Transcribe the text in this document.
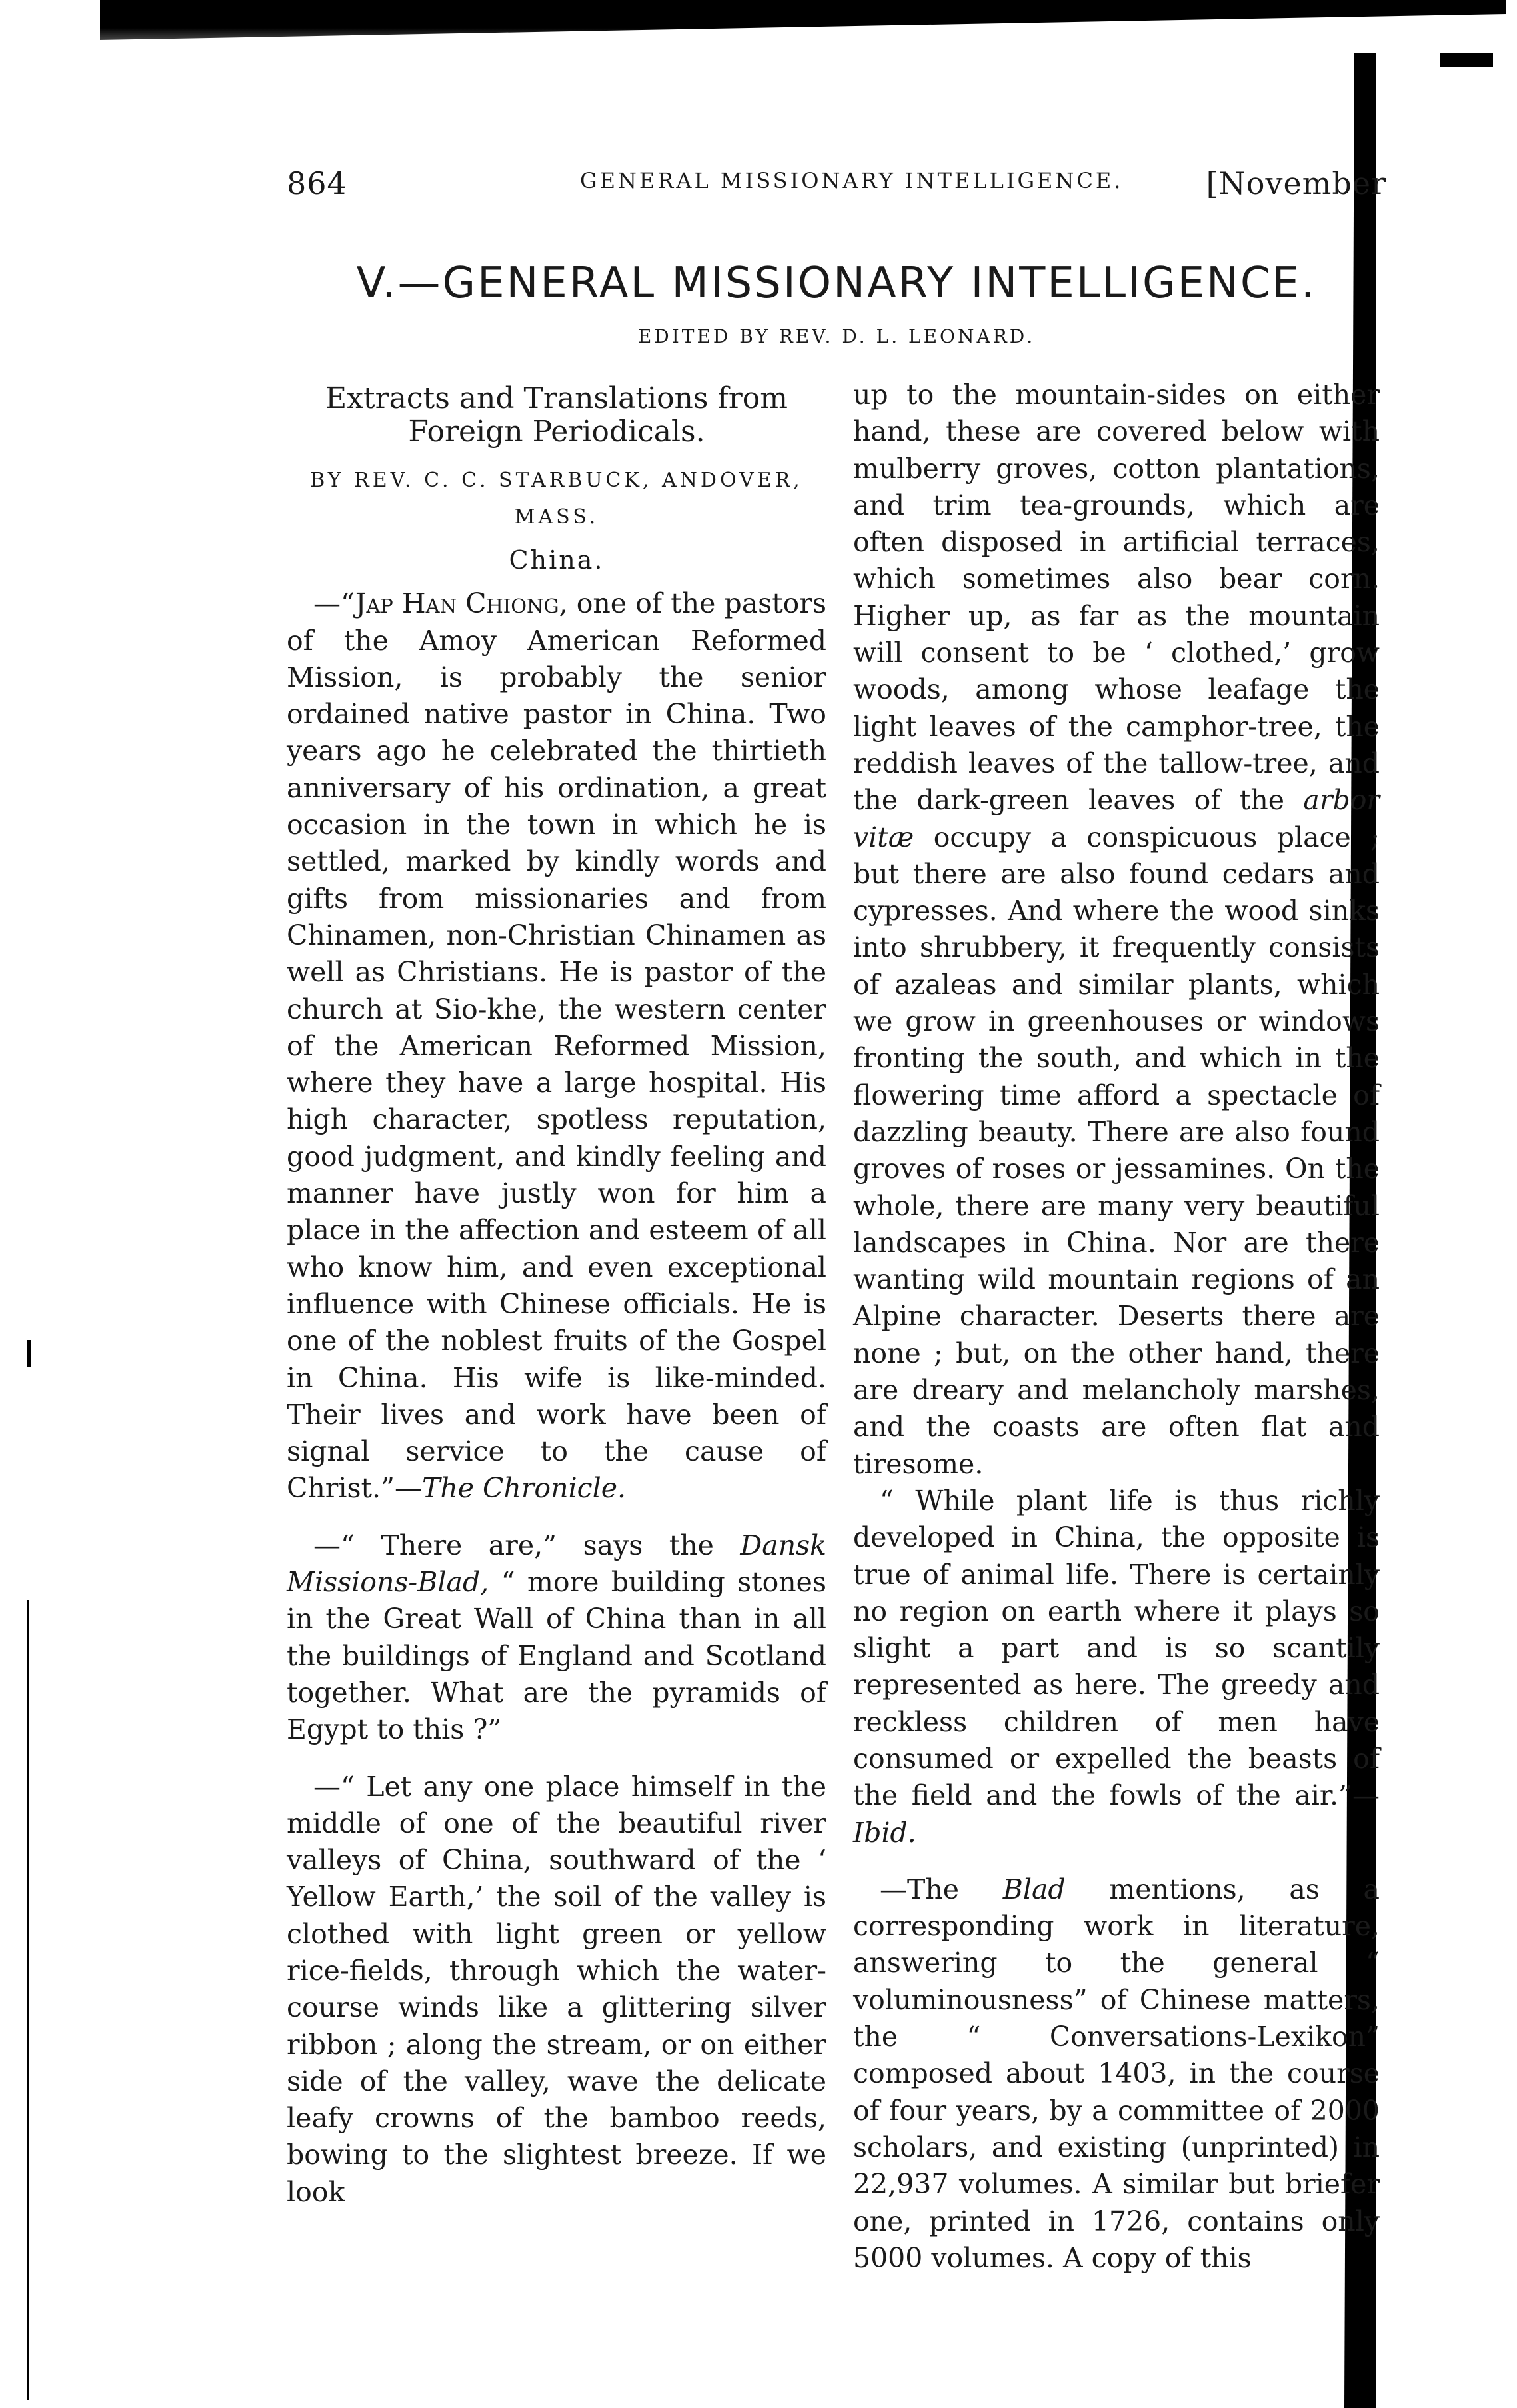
864	GENERAL MISSIONARY INTELLIGENCE.	[November
V.—GENERAL MISSIONARY INTELLIGENCE.
EDITED BY REV. D. L. LEONARD.
Extracts and Translations from Foreign Periodicals.
BY REV. C. C. STARBUCK, ANDOVER, MASS.
China.

—“Jap Han Chiong, one of the pastors of the Amoy American Reformed Mission, is probably the senior ordained native pastor in China. Two years ago he celebrated the thirtieth anniversary of his ordination, a great occasion in the town in which he is settled, marked by kindly words and gifts from missionaries and from Chinamen, non-Christian Chinamen as well as Christians. He is pastor of the church at Sio-khe, the western center of the American Reformed Mission, where they have a large hospital. His high character, spotless reputation, good judgment, and kindly feeling and manner have justly won for him a place in the affection and esteem of all who know him, and even exceptional influence with Chinese officials. He is one of the noblest fruits of the Gospel in China. His wife is like-minded. Their lives and work have been of signal service to the cause of Christ.”—The Chronicle.

—“ There are,” says the Dansk Missions-Blad, “ more building stones in the Great Wall of China than in all the buildings of England and Scotland together. What are the pyramids of Egypt to this ?”

—“ Let any one place himself in the middle of one of the beautiful river valleys of China, southward of the ‘ Yellow Earth,’ the soil of the valley is clothed with light green or yellow rice-fields, through which the water-course winds like a glittering silver ribbon ; along the stream, or on either side of the valley, wave the delicate leafy crowns of the bamboo reeds, bowing to the slightest breeze. If we look

up to the mountain-sides on either hand, these are covered below with mulberry groves, cotton plantations, and trim tea-grounds, which are often disposed in artificial terraces, which sometimes also bear corn. Higher up, as far as the mountain will consent to be ‘ clothed,’ grow woods, among whose leafage the light leaves of the camphor-tree, the reddish leaves of the tallow-tree, and the dark-green leaves of the arbor vitæ occupy a conspicuous place ; but there are also found cedars and cypresses. And where the wood sinks into shrubbery, it frequently consists of azaleas and similar plants, which we grow in greenhouses or windows fronting the south, and which in the flowering time afford a spectacle of dazzling beauty. There are also found groves of roses or jessamines. On the whole, there are many very beautiful landscapes in China. Nor are there wanting wild mountain regions of an Alpine character. Deserts there are none ; but, on the other hand, there are dreary and melancholy marshes, and the coasts are often flat and tiresome.

“ While plant life is thus richly developed in China, the opposite is true of animal life. There is certainly no region on earth where it plays so slight a part and is so scantily represented as here. The greedy and reckless children of men have consumed or expelled the beasts of the field and the fowls of the air.”—Ibid.

—The Blad mentions, as a corresponding work in literature, answering to the general “ voluminousness” of Chinese matters, the “ Conversations-Lexikon” composed about 1403, in the course of four years, by a committee of 2000 scholars, and existing (unprinted) in 22,937 volumes. A similar but briefer one, printed in 1726, contains only 5000 volumes. A copy of this
